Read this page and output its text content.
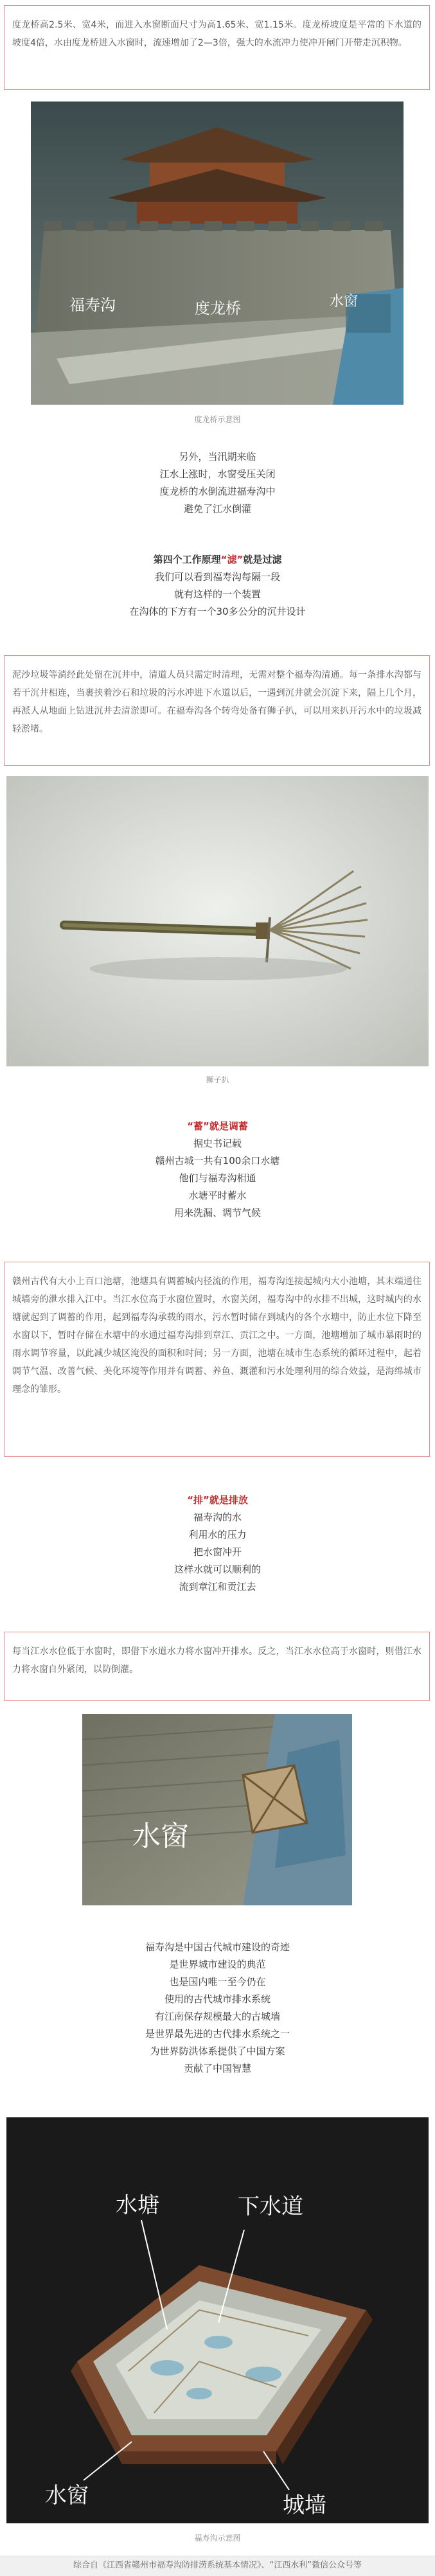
度龙桥高2.5米、宽4米，而进入水窗断面尺寸为高1.65米、宽1.15米。度龙桥坡度是平常的下水道的坡度4倍，水由度龙桥进入水窗时，流速增加了2—3倍，强大的水流冲力使冲开闸门开带走沉积物。
福寿沟	度龙桥	水窗
度龙桥示意图
另外，当汛期来临
江水上涨时，水窗受压关闭
度龙桥的水倒流进福寿沟中
避免了江水倒灌
第四个工作原理“滤”就是过滤
我们可以看到福寿沟每隔一段
就有这样的一个装置
在沟体的下方有一个30多公分的沉井设计
泥沙垃圾等淌经此处留在沉井中，清道人员只需定时清理，无需对整个福寿沟清通。每一条排水沟都与若干沉井相连，当裹挟着沙石和垃圾的污水冲进下水道以后，一遇到沉井就会沉淀下来，隔上几个月，再派人从地面上钻进沉井去清淤即可。在福寿沟各个转弯处备有狮子扒，可以用来扒开污水中的垃圾减轻淤堵。
狮子扒
“蓄”就是调蓄
据史书记载
赣州古城一共有100余口水塘
他们与福寿沟相通
水塘平时蓄水
用来洗漏、调节气候
赣州古代有大小上百口池塘，池塘具有调蓄城内径流的作用，福寿沟连接起城内大小池塘，其末端通往城墙旁的泄水排入江中。当江水位高于水窗位置时，水窗关闭，福寿沟中的水排不出城，这时城内的水塘就起到了调蓄的作用，起到福寿沟承载的雨水，污水暂时储存到城内的各个水塘中，防止水位下降至水窗以下，暂时存储在水塘中的水通过福寿沟排到章江、贡江之中。一方面，池塘增加了城市暴雨时的雨水调节容量，以此减少城区淹没的面积和时间；另一方面，池塘在城市生态系统的循环过程中，起着调节气温、改善气候、美化环境等作用并有调蓄、养鱼、溉灌和污水处理利用的综合效益，是海绵城市理念的雏形。
“排”就是排放
福寿沟的水
利用水的压力
把水窗冲开
这样水就可以顺利的
流到章江和贡江去
每当江水水位低于水窗时，即借下水道水力将水窗冲开排水。反之，当江水水位高于水窗时，则借江水力将水窗自外紧闭，以防倒灌。
水窗
福寿沟是中国古代城市建设的奇迹
是世界城市建设的典范
也是国内唯一至今仍在
使用的古代城市排水系统
有江南保存规模最大的古城墙
是世界最先进的古代排水系统之一
为世界防洪体系提供了中国方案
贡献了中国智慧
水塘	下水道
水窗	城墙
福寿沟示意图
综合自《江西省赣州市福寿沟防排涝系统基本情况》、“江西水利”微信公众号等
